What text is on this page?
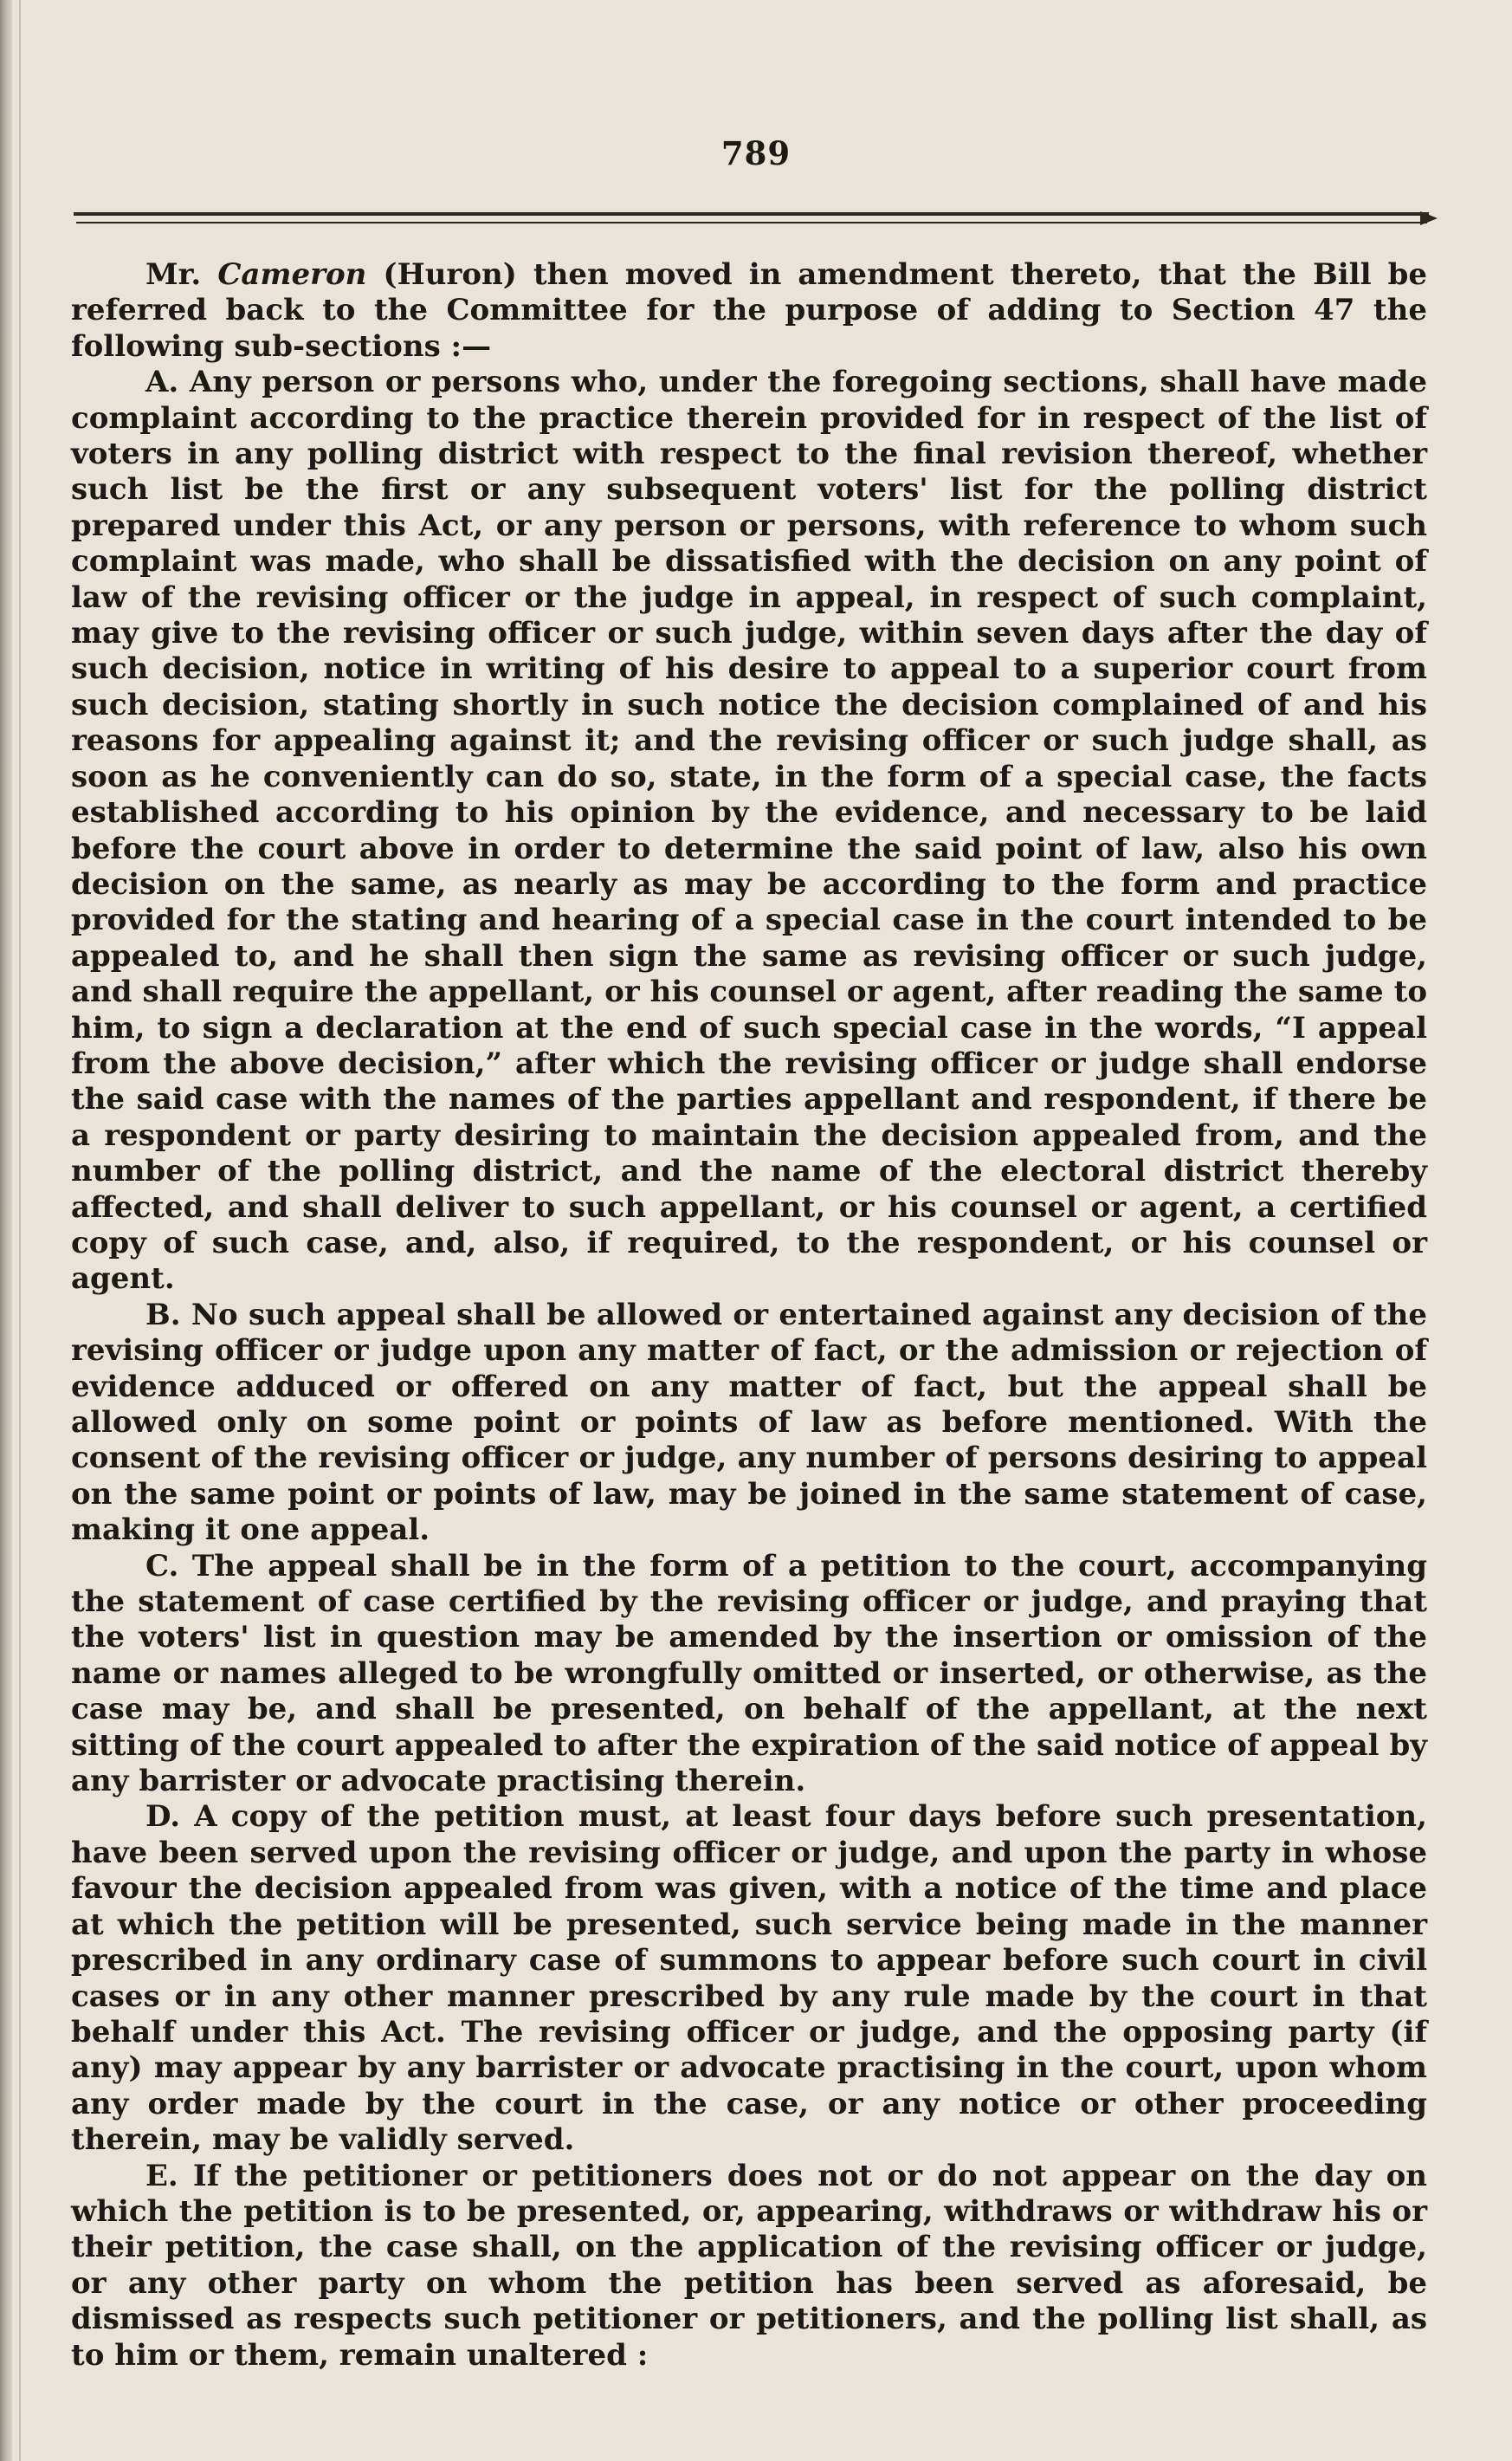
789

Mr. Cameron (Huron) then moved in amendment thereto, that the Bill be referred back to the Committee for the purpose of adding to Section 47 the following sub-sections :—

A. Any person or persons who, under the foregoing sections, shall have made complaint according to the practice therein provided for in respect of the list of voters in any polling district with respect to the final revision thereof, whether such list be the first or any subsequent voters' list for the polling district prepared under this Act, or any person or persons, with reference to whom such complaint was made, who shall be dissatisfied with the decision on any point of law of the revising officer or the judge in appeal, in respect of such complaint, may give to the revising officer or such judge, within seven days after the day of such decision, notice in writing of his desire to appeal to a superior court from such decision, stating shortly in such notice the decision complained of and his reasons for appealing against it; and the revising officer or such judge shall, as soon as he conveniently can do so, state, in the form of a special case, the facts established according to his opinion by the evidence, and necessary to be laid before the court above in order to determine the said point of law, also his own decision on the same, as nearly as may be according to the form and practice provided for the stating and hearing of a special case in the court intended to be appealed to, and he shall then sign the same as revising officer or such judge, and shall require the appellant, or his counsel or agent, after reading the same to him, to sign a declaration at the end of such special case in the words, “I appeal from the above decision,” after which the revising officer or judge shall endorse the said case with the names of the parties appellant and respondent, if there be a respondent or party desiring to maintain the decision appealed from, and the number of the polling district, and the name of the electoral district thereby affected, and shall deliver to such appellant, or his counsel or agent, a certified copy of such case, and, also, if required, to the respondent, or his counsel or agent.

B. No such appeal shall be allowed or entertained against any decision of the revising officer or judge upon any matter of fact, or the admission or rejection of evidence adduced or offered on any matter of fact, but the appeal shall be allowed only on some point or points of law as before mentioned. With the consent of the revising officer or judge, any number of persons desiring to appeal on the same point or points of law, may be joined in the same statement of case, making it one appeal.

C. The appeal shall be in the form of a petition to the court, accompanying the statement of case certified by the revising officer or judge, and praying that the voters' list in question may be amended by the insertion or omission of the name or names alleged to be wrongfully omitted or inserted, or otherwise, as the case may be, and shall be presented, on behalf of the appellant, at the next sitting of the court appealed to after the expiration of the said notice of appeal by any barrister or advocate practising therein.

D. A copy of the petition must, at least four days before such presentation, have been served upon the revising officer or judge, and upon the party in whose favour the decision appealed from was given, with a notice of the time and place at which the petition will be presented, such service being made in the manner prescribed in any ordinary case of summons to appear before such court in civil cases or in any other manner prescribed by any rule made by the court in that behalf under this Act. The revising officer or judge, and the opposing party (if any) may appear by any barrister or advocate practising in the court, upon whom any order made by the court in the case, or any notice or other proceeding therein, may be validly served.

E. If the petitioner or petitioners does not or do not appear on the day on which the petition is to be presented, or, appearing, withdraws or withdraw his or their petition, the case shall, on the application of the revising officer or judge, or any other party on whom the petition has been served as aforesaid, be dismissed as respects such petitioner or petitioners, and the polling list shall, as to him or them, remain unaltered :
